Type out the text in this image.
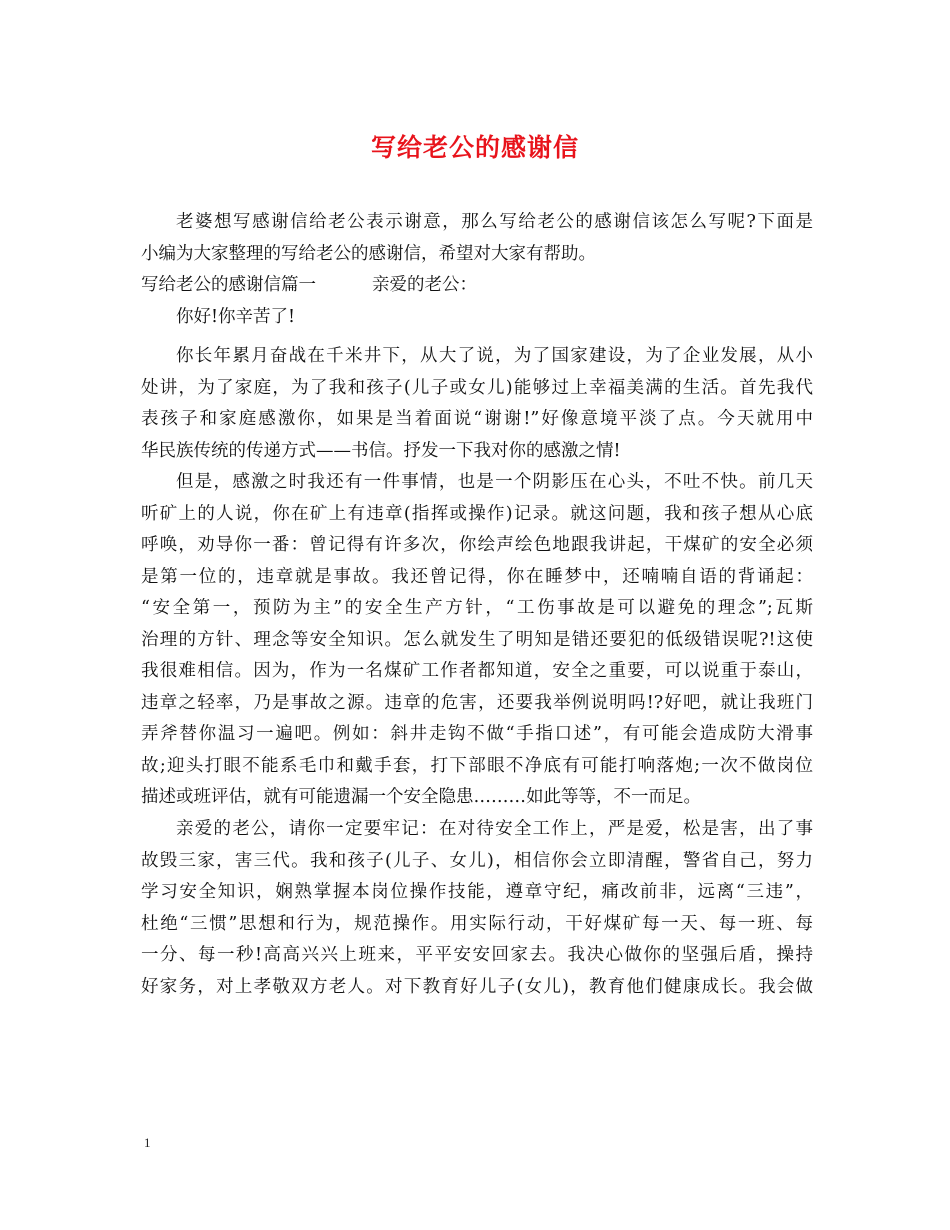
写给老公的感谢信
老婆想写感谢信给老公表示谢意，那么写给老公的感谢信该怎么写呢?下面是
小编为大家整理的写给老公的感谢信，希望对大家有帮助。
写给老公的感谢信篇一	亲爱的老公：
你好!你辛苦了!
你长年累月奋战在千米井下，从大了说，为了国家建设，为了企业发展，从小
处讲，为了家庭，为了我和孩子(儿子或女儿)能够过上幸福美满的生活。首先我代
表孩子和家庭感激你，如果是当着面说“谢谢!”好像意境平淡了点。今天就用中
华民族传统的传递方式——书信。抒发一下我对你的感激之情!
但是，感激之时我还有一件事情，也是一个阴影压在心头，不吐不快。前几天
听矿上的人说，你在矿上有违章(指挥或操作)记录。就这问题，我和孩子想从心底
呼唤，劝导你一番：曾记得有许多次，你绘声绘色地跟我讲起，干煤矿的安全必须
是第一位的，违章就是事故。我还曾记得，你在睡梦中，还喃喃自语的背诵起：
“安全第一，预防为主”的安全生产方针，“工伤事故是可以避免的理念”;瓦斯
治理的方针、理念等安全知识。怎么就发生了明知是错还要犯的低级错误呢?!这使
我很难相信。因为，作为一名煤矿工作者都知道，安全之重要，可以说重于泰山，
违章之轻率，乃是事故之源。违章的危害，还要我举例说明吗!?好吧，就让我班门
弄斧替你温习一遍吧。例如：斜井走钩不做“手指口述”，有可能会造成防大滑事
故;迎头打眼不能系毛巾和戴手套，打下部眼不净底有可能打响落炮;一次不做岗位
描述或班评估，就有可能遗漏一个安全隐患………如此等等，不一而足。
亲爱的老公，请你一定要牢记：在对待安全工作上，严是爱，松是害，出了事
故毁三家，害三代。我和孩子(儿子、女儿)，相信你会立即清醒，警省自己，努力
学习安全知识，娴熟掌握本岗位操作技能，遵章守纪，痛改前非，远离“三违”，
杜绝“三惯”思想和行为，规范操作。用实际行动，干好煤矿每一天、每一班、每
一分、每一秒!高高兴兴上班来，平平安安回家去。我决心做你的坚强后盾，操持
好家务，对上孝敬双方老人。对下教育好儿子(女儿)，教育他们健康成长。我会做
1
